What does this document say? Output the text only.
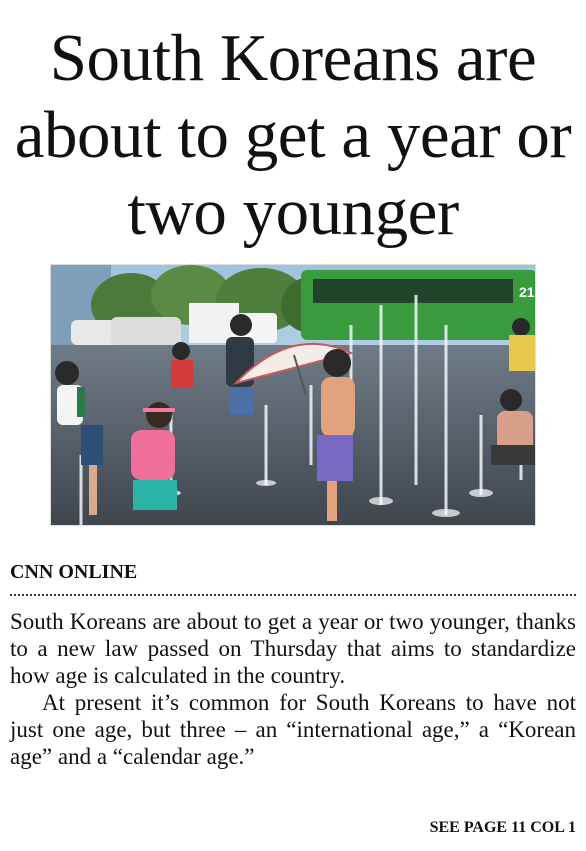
South Koreans are about to get a year or two younger
21
CNN ONLINE

South Koreans are about to get a year or two younger, thanks to a new law passed on Thursday that aims to standardize how age is calculated in the country.

At present it’s common for South Koreans to have not just one age, but three – an “international age,” a “Korean age” and a “calendar age.”

SEE PAGE 11 COL 1
